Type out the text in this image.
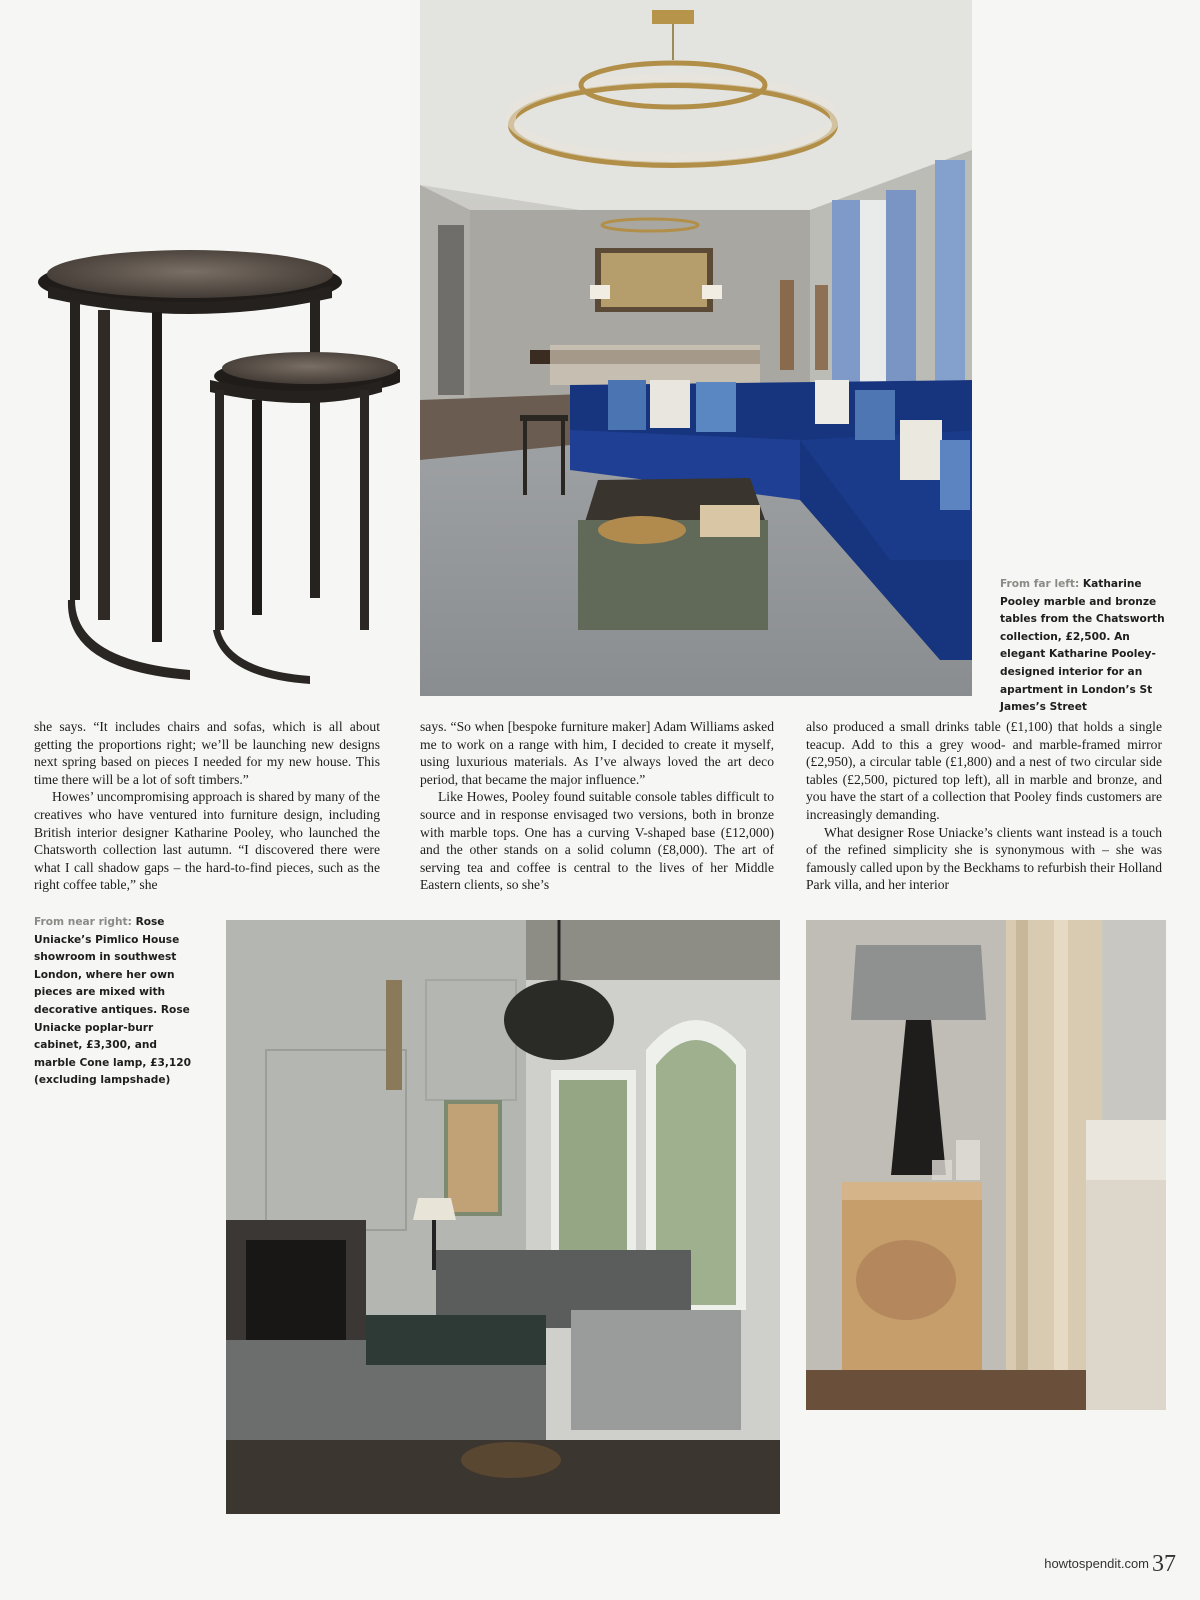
From far left: Katharine Pooley marble and bronze tables from the Chatsworth collection, £2,500. An elegant Katharine Pooley-designed interior for an apartment in London’s St James’s Street

she says. “It includes chairs and sofas, which is all about getting the proportions right; we’ll be launching new designs next spring based on pieces I needed for my new house. This time there will be a lot of soft timbers.”

Howes’ uncompromising approach is shared by many of the creatives who have ventured into furniture design, including British interior designer Katharine Pooley, who launched the Chatsworth collection last autumn. “I discovered there were what I call shadow gaps – the hard-to-find pieces, such as the right coffee table,” she

says. “So when [bespoke furniture maker] Adam Williams asked me to work on a range with him, I decided to create it myself, using luxurious materials. As I’ve always loved the art deco period, that became the major influence.”

Like Howes, Pooley found suitable console tables difficult to source and in response envisaged two versions, both in bronze with marble tops. One has a curving V-shaped base (£12,000) and the other stands on a solid column (£8,000). The art of serving tea and coffee is central to the lives of her Middle Eastern clients, so she’s

also produced a small drinks table (£1,100) that holds a single teacup. Add to this a grey wood- and marble-framed mirror (£2,950), a circular table (£1,800) and a nest of two circular side tables (£2,500, pictured top left), all in marble and bronze, and you have the start of a collection that Pooley finds customers are increasingly demanding.

What designer Rose Uniacke’s clients want instead is a touch of the refined simplicity she is synonymous with – she was famously called upon by the Beckhams to refurbish their Holland Park villa, and her interior

From near right: Rose Uniacke’s Pimlico House showroom in southwest London, where her own pieces are mixed with decorative antiques. Rose Uniacke poplar-burr cabinet, £3,300, and marble Cone lamp, £3,120 (excluding lampshade)
howtospendit.com 37
